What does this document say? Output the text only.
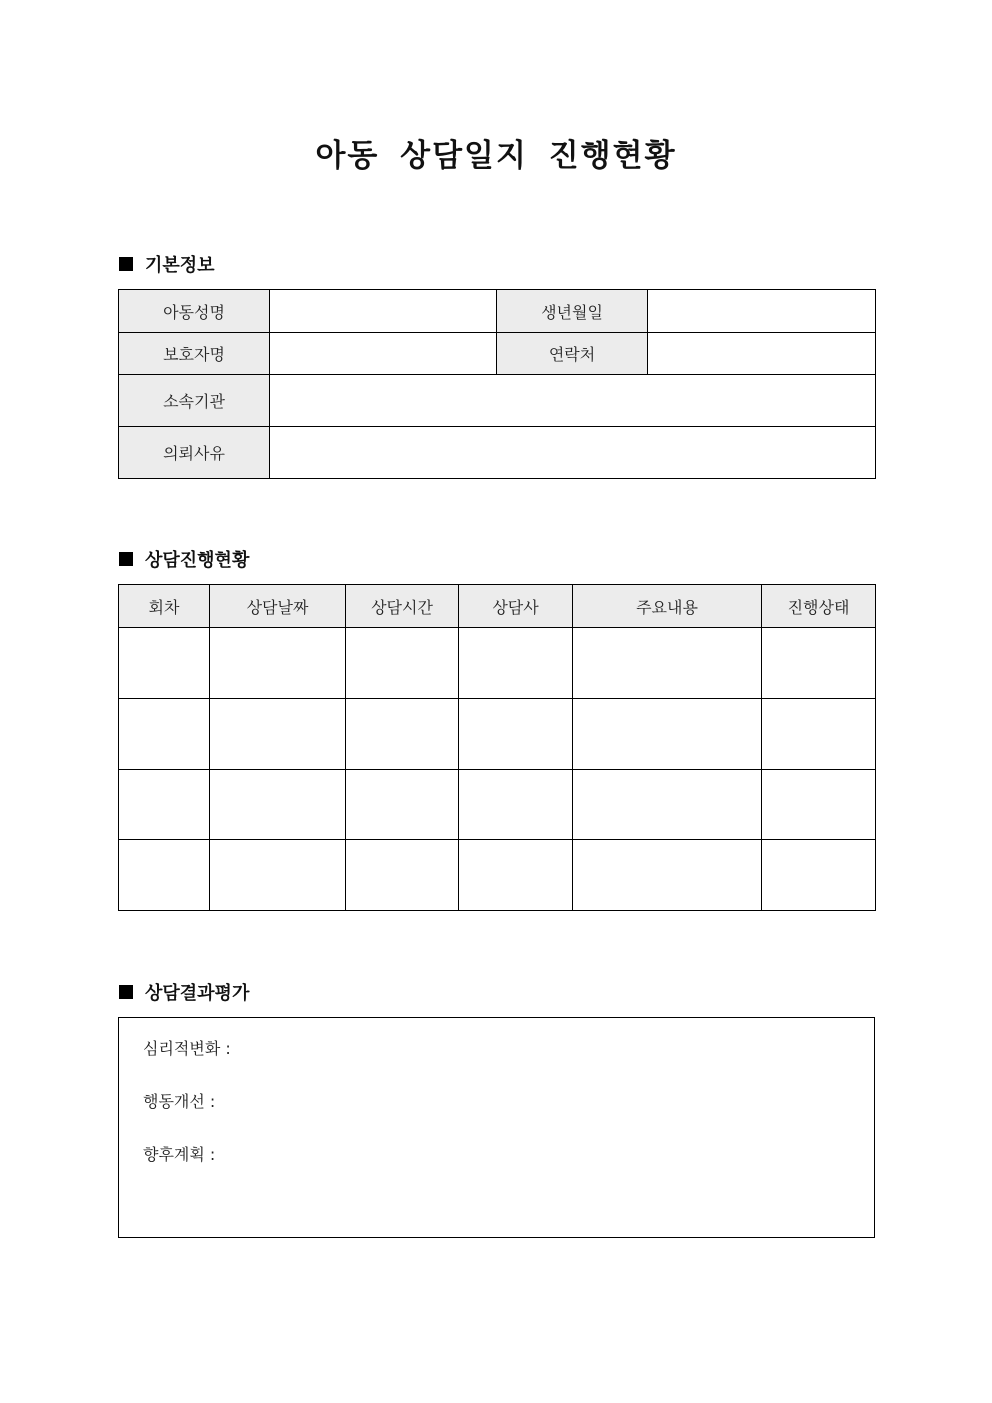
아동 상담일지 진행현황
기본정보
아동성명		생년월일	
보호자명		연락처	
소속기관			
의뢰사유			
상담진행현황
회차	상담날짜	상담시간	상담사	주요내용	진행상태

상담결과평가
심리적변화 :
행동개선 :
향후계획 :
